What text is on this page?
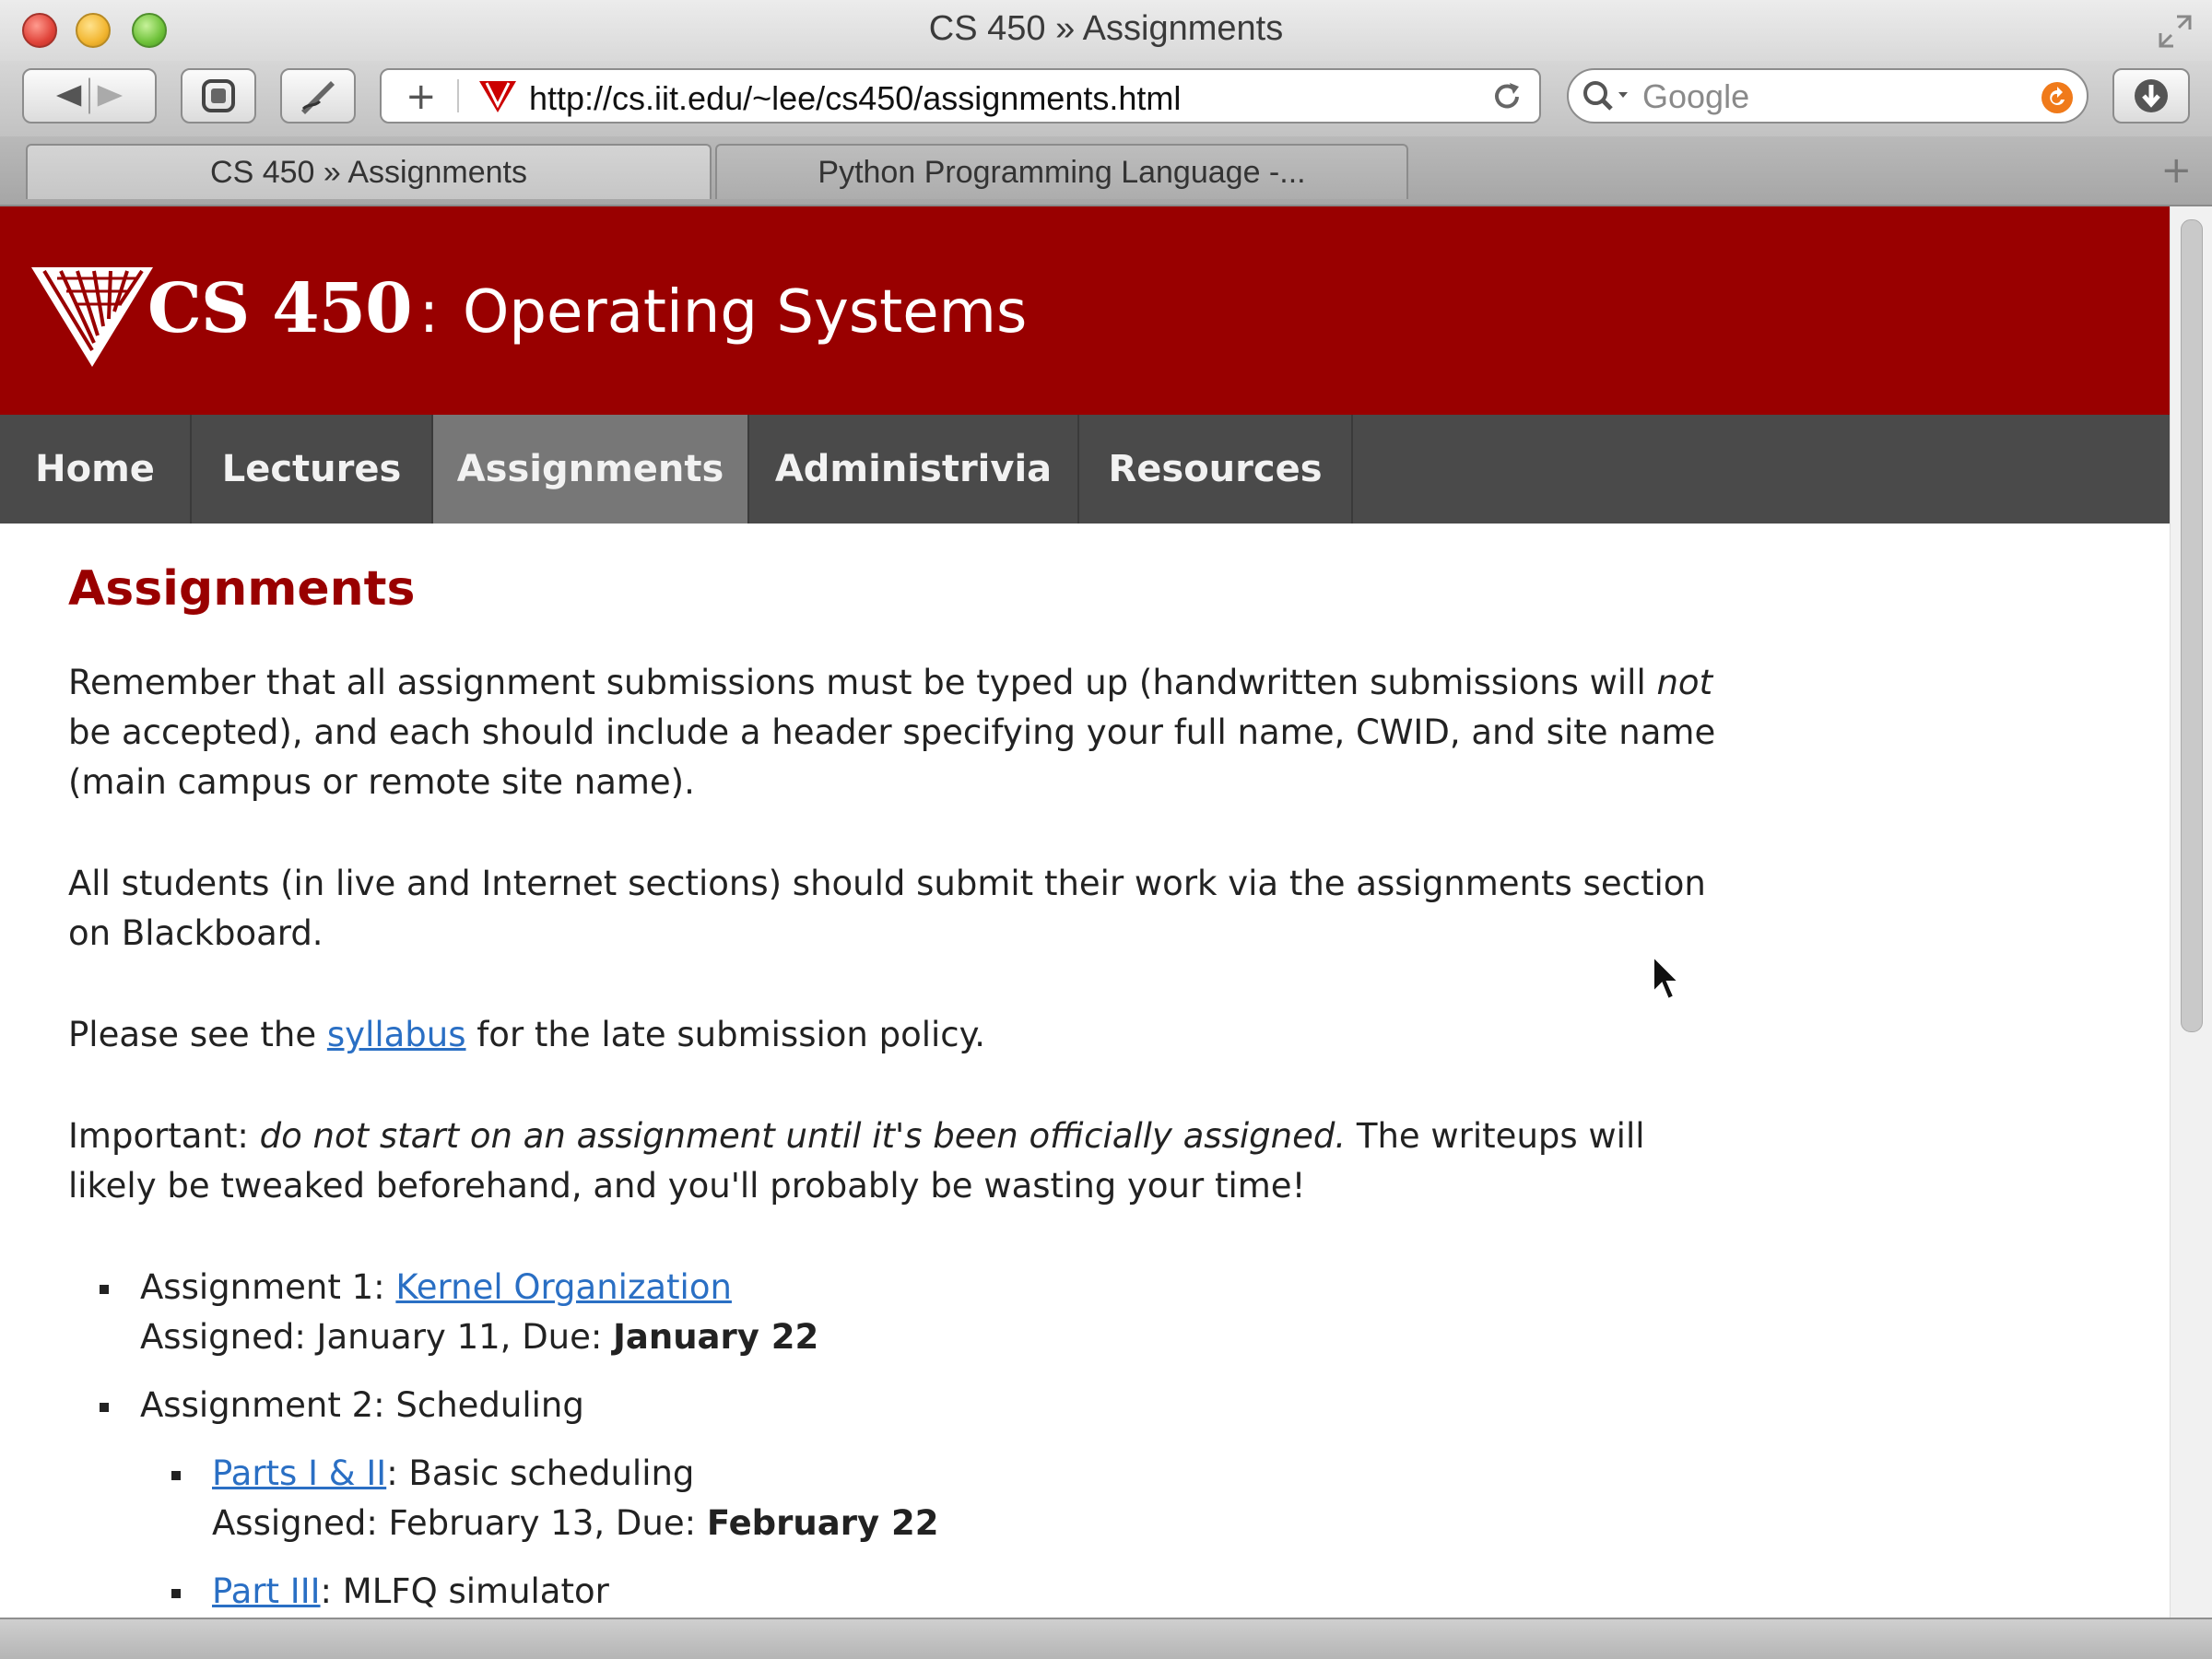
CS 450 » Assignments
+	http://cs.iit.edu/~lee/cs450/assignments.html
Google
CS 450 » Assignments	Python Programming Language -...	+
CS 450 : Operating Systems
Home	Lectures	Assignments	Administrivia	Resources
Assignments

Remember that all assignment submissions must be typed up (handwritten submissions will not be accepted), and each should include a header specifying your full name, CWID, and site name (main campus or remote site name).

All students (in live and Internet sections) should submit their work via the assignments section on Blackboard.

Please see the syllabus for the late submission policy.

Important: do not start on an assignment until it's been officially assigned. The writeups will likely be tweaked beforehand, and you'll probably be wasting your time!

Assignment 1: Kernel Organization
Assigned: January 11, Due: January 22
Assignment 2: Scheduling
Parts I & II: Basic scheduling
Assigned: February 13, Due: February 22
Part III: MLFQ simulator
